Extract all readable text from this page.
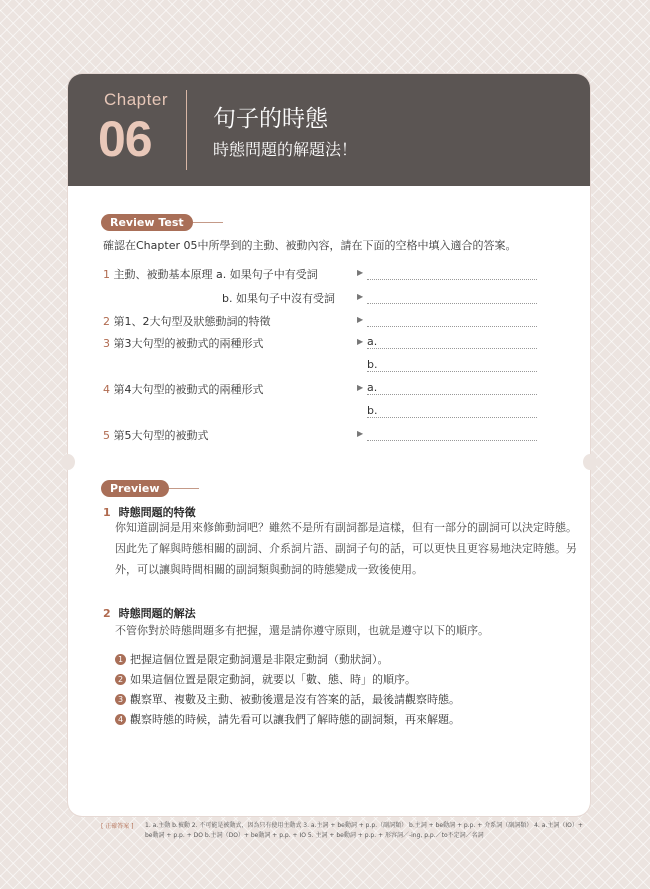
Chapter
06	句子的時態
時態問題的解題法！
Review Test
確認在Chapter 05中所學到的主動、被動內容，請在下面的空格中填入適合的答案。
1 主動、被動基本原理 a. 如果句子中有受詞	▶
b. 如果句子中沒有受詞	▶
2 第1、2大句型及狀態動詞的特徵	▶
3 第3大句型的被動式的兩種形式	▶ a.
b.
4 第4大句型的被動式的兩種形式	▶ a.
b.
5 第5大句型的被動式	▶
Preview
1 時態問題的特徵
你知道副詞是用來修飾動詞吧？雖然不是所有副詞都是這樣，但有一部分的副詞可以決定時態。因此先了解與時態相關的副詞、介系詞片語、副詞子句的話，可以更快且更容易地決定時態。另外，可以讓與時間相關的副詞類與動詞的時態變成一致後使用。
2 時態問題的解法
不管你對於時態問題多有把握，還是請你遵守原則，也就是遵守以下的順序。
1 把握這個位置是限定動詞還是非限定動詞（動狀詞）。
2 如果這個位置是限定動詞，就要以「數、態、時」的順序。
3 觀察單、複數及主動、被動後還是沒有答案的話，最後請觀察時態。
4 觀察時態的時候，請先看可以讓我們了解時態的副詞類，再來解題。
[ 正確答案 ] 1. a.主動 b.被動 2. 不可能是被動式，因為只有使用主動式 3. a.主詞 + be動詞 + p.p.（副詞類） b.主詞 + be動詞 + p.p. + 介系詞（副詞類） 4. a.主詞（IO）+ be動詞 + p.p. + DO b.主詞（DO）+ be動詞 + p.p. + IO 5. 主詞 + be動詞 + p.p. + 形容詞／-ing, p.p.／to不定詞／名詞
